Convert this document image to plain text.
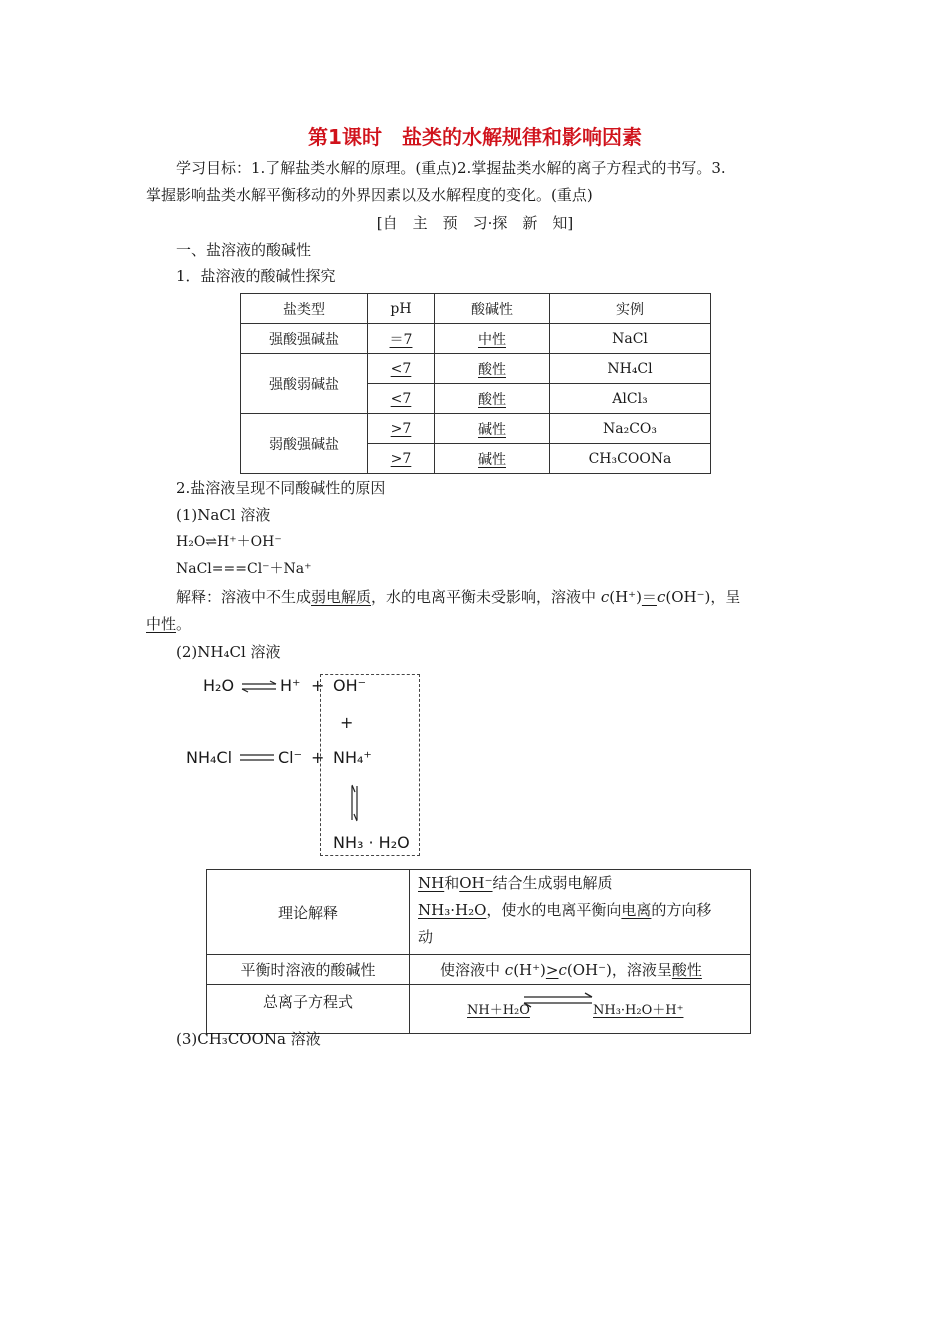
第1课时　盐类的水解规律和影响因素
学习目标：1.了解盐类水解的原理。(重点)2.掌握盐类水解的离子方程式的书写。3.
掌握影响盐类水解平衡移动的外界因素以及水解程度的变化。(重点)
[自　主　预　习·探　新　知]
一、盐溶液的酸碱性
1．盐溶液的酸碱性探究
盐类型	pH	酸碱性	实例
强酸强碱盐	＝7	中性	NaCl
强酸弱碱盐	<7	酸性	NH₄Cl
	<7	酸性	AlCl₃
弱酸强碱盐	>7	碱性	Na₂CO₃
	>7	碱性	CH₃COONa
2.盐溶液呈现不同酸碱性的原因
(1)NaCl 溶液
H₂O⇌H⁺＋OH⁻
NaCl===Cl⁻＋Na⁺
解释：溶液中不生成弱电解质，水的电离平衡未受影响，溶液中 c(H⁺)＝c(OH⁻)，呈
中性。
(2)NH₄Cl 溶液
H₂O ⇌ H⁺ + OH⁻
+
NH₄Cl	Cl⁻ + NH₄⁺
NH₃ · H₂O
理论解释	NH和OH⁻结合生成弱电解质
NH₃·H₂O，使水的电离平衡向电离的方向移
动

平衡时溶液的酸碱性	使溶液中 c(H⁺)>c(OH⁻)，溶液呈酸性
总离子方程式	NH＋H₂O NH₃·H₂O＋H⁺
(3)CH₃COONa 溶液
